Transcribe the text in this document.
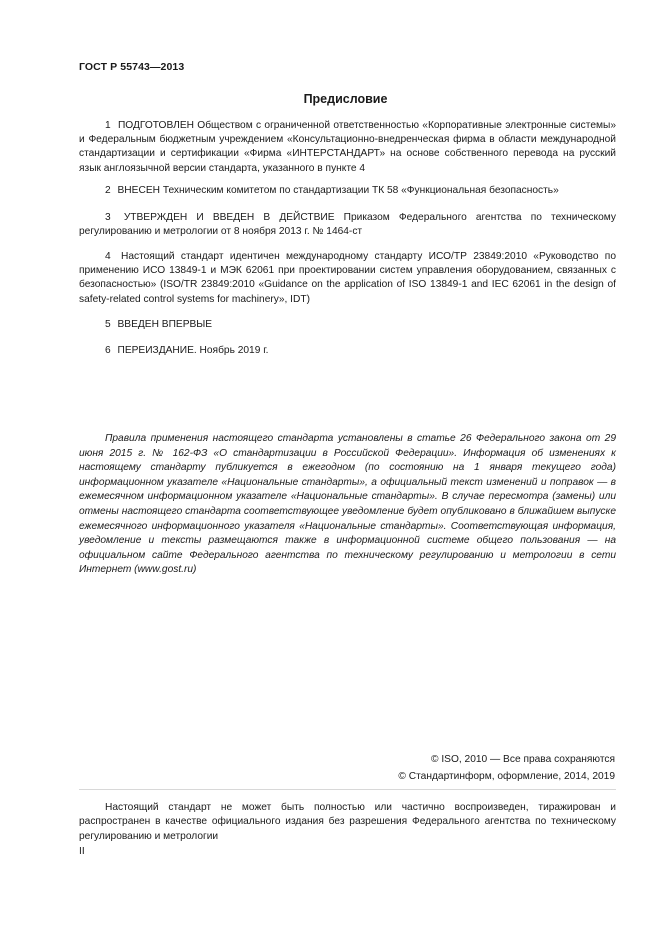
ГОСТ Р 55743—2013
Предисловие
1 ПОДГОТОВЛЕН Обществом с ограниченной ответственностью «Корпоративные электронные системы» и Федеральным бюджетным учреждением «Консультационно-внедренческая фирма в области международной стандартизации и сертификации «Фирма «ИНТЕРСТАНДАРТ» на основе собственного перевода на русский язык англоязычной версии стандарта, указанного в пункте 4
2 ВНЕСЕН Техническим комитетом по стандартизации ТК 58 «Функциональная безопасность»
3 УТВЕРЖДЕН И ВВЕДЕН В ДЕЙСТВИЕ Приказом Федерального агентства по техническому регулированию и метрологии от 8 ноября 2013 г. № 1464-ст
4 Настоящий стандарт идентичен международному стандарту ИСО/ТР 23849:2010 «Руководство по применению ИСО 13849-1 и МЭК 62061 при проектировании систем управления оборудованием, связанных с безопасностью» (ISO/TR 23849:2010 «Guidance on the application of ISO 13849-1 and IEC 62061 in the design of safety-related control systems for machinery», IDT)
5 ВВЕДЕН ВПЕРВЫЕ
6 ПЕРЕИЗДАНИЕ. Ноябрь 2019 г.
Правила применения настоящего стандарта установлены в статье 26 Федерального закона от 29 июня 2015 г. № 162-ФЗ «О стандартизации в Российской Федерации». Информация об изменениях к настоящему стандарту публикуется в ежегодном (по состоянию на 1 января текущего года) информационном указателе «Национальные стандарты», а официальный текст изменений и поправок — в ежемесячном информационном указателе «Национальные стандарты». В случае пересмотра (замены) или отмены настоящего стандарта соответствующее уведомление будет опубликовано в ближайшем выпуске ежемесячного информационного указателя «Национальные стандарты». Соответствующая информация, уведомление и тексты размещаются также в информационной системе общего пользования — на официальном сайте Федерального агентства по техническому регулированию и метрологии в сети Интернет (www.gost.ru)
© ISO, 2010 — Все права сохраняются
© Стандартинформ, оформление, 2014, 2019
Настоящий стандарт не может быть полностью или частично воспроизведен, тиражирован и распространен в качестве официального издания без разрешения Федерального агентства по техническому регулированию и метрологии
II
